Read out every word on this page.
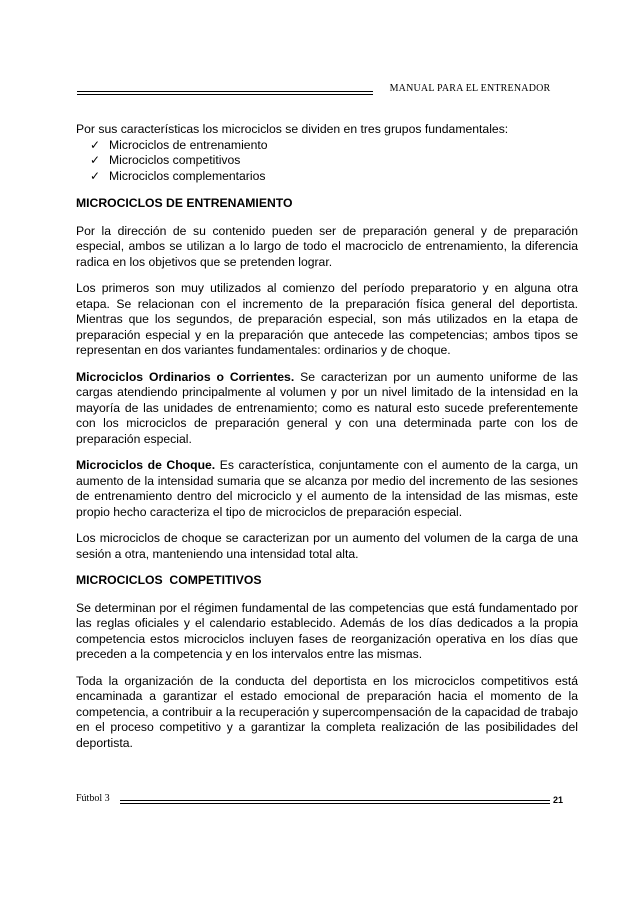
MANUAL PARA EL ENTRENADOR

Por sus características los microciclos se dividen en tres grupos fundamentales:

✓ Microciclos de entrenamiento
✓ Microciclos competitivos
✓ Microciclos complementarios
MICROCICLOS DE ENTRENAMIENTO

Por la dirección de su contenido pueden ser de preparación general y de preparación especial, ambos se utilizan a lo largo de todo el macrociclo de entrenamiento, la diferencia radica en los objetivos que se pretenden lograr.

Los primeros son muy utilizados al comienzo del período preparatorio y en alguna otra etapa. Se relacionan con el incremento de la preparación física general del deportista. Mientras que los segundos, de preparación especial, son más utilizados en la etapa de preparación especial y en la preparación que antecede las competencias; ambos tipos se representan en dos variantes fundamentales: ordinarios y de choque.

Microciclos Ordinarios o Corrientes. Se caracterizan por un aumento uniforme de las cargas atendiendo principalmente al volumen y por un nivel limitado de la intensidad en la mayoría de las unidades de entrenamiento; como es natural esto sucede preferentemente con los microciclos de preparación general y con una determinada parte con los de preparación especial.

Microciclos de Choque. Es característica, conjuntamente con el aumento de la carga, un aumento de la intensidad sumaria que se alcanza por medio del incremento de las sesiones de entrenamiento dentro del microciclo y el aumento de la intensidad de las mismas, este propio hecho caracteriza el tipo de microciclos de preparación especial.

Los microciclos de choque se caracterizan por un aumento del volumen de la carga de una sesión a otra, manteniendo una intensidad total alta.

MICROCICLOS  COMPETITIVOS

Se determinan por el régimen fundamental de las competencias que está fundamentado por las reglas oficiales y el calendario establecido. Además de los días dedicados a la propia competencia estos microciclos incluyen fases de reorganización operativa en los días que preceden a la competencia y en los intervalos entre las mismas.

Toda la organización de la conducta del deportista en los microciclos competitivos está encaminada a garantizar el estado emocional de preparación hacia el momento de la competencia, a contribuir a la recuperación y supercompensación de la capacidad de trabajo en el proceso competitivo y a garantizar la completa realización de las posibilidades del deportista.

Fútbol 3	21
